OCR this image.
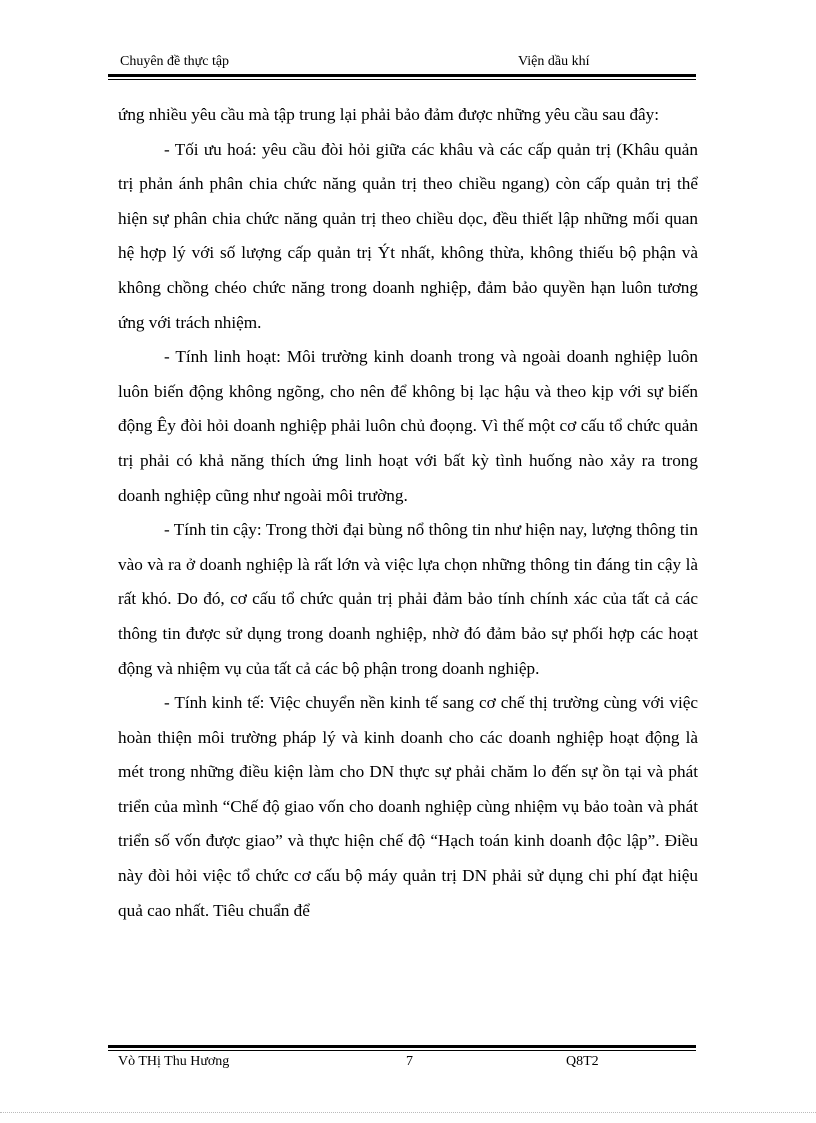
Chuyên đề thực tập	Viện dầu khí

ứng nhiều yêu cầu mà tập trung lại phải bảo đảm được những yêu cầu sau đây:

- Tối ưu hoá: yêu cầu đòi hỏi giữa các khâu và các cấp quản trị (Khâu quản trị phản ánh phân chia chức năng quản trị theo chiều ngang) còn cấp quản trị thể hiện sự phân chia chức năng quản trị theo chiều dọc, đều thiết lập những mối quan hệ hợp lý với số lượng cấp quản trị Ýt nhất, không thừa, không thiếu bộ phận và không chồng chéo chức năng trong doanh nghiệp, đảm bảo quyền hạn luôn tương ứng với trách nhiệm.

- Tính linh hoạt: Môi trường kinh doanh trong và ngoài doanh nghiệp luôn luôn biến động không ngõng, cho nên để không bị lạc hậu và theo kịp với sự biến động Êy đòi hỏi doanh nghiệp phải luôn chủ đoọng. Vì thế một cơ cấu tổ chức quản trị phải có khả năng thích ứng linh hoạt với bất kỳ tình huống nào xảy ra trong doanh nghiệp cũng như ngoài môi trường.

- Tính tin cậy: Trong thời đại bùng nổ thông tin như hiện nay, lượng thông tin vào và ra ở doanh nghiệp là rất lớn và việc lựa chọn những thông tin đáng tin cậy là rất khó. Do đó, cơ cấu tổ chức quản trị phải đảm bảo tính chính xác của tất cả các thông tin được sử dụng trong doanh nghiệp, nhờ đó đảm bảo sự phối hợp các hoạt động và nhiệm vụ của tất cả các bộ phận trong doanh nghiệp.

- Tính kinh tế: Việc chuyển nền kinh tế sang cơ chế thị trường cùng với việc hoàn thiện môi trường pháp lý và kinh doanh cho các doanh nghiệp hoạt động là mét trong những điều kiện làm cho DN thực sự phải chăm lo đến sự ồn tại và phát triển của mình “Chế độ giao vốn cho doanh nghiệp cùng nhiệm vụ bảo toàn và phát triển số vốn được giao” và thực hiện chế độ “Hạch toán kinh doanh độc lập”. Điều này đòi hỏi việc tổ chức cơ cấu bộ máy quản trị DN phải sử dụng chi phí đạt hiệu quả cao nhất. Tiêu chuẩn để

Vò THị Thu Hương	7	Q8T2
